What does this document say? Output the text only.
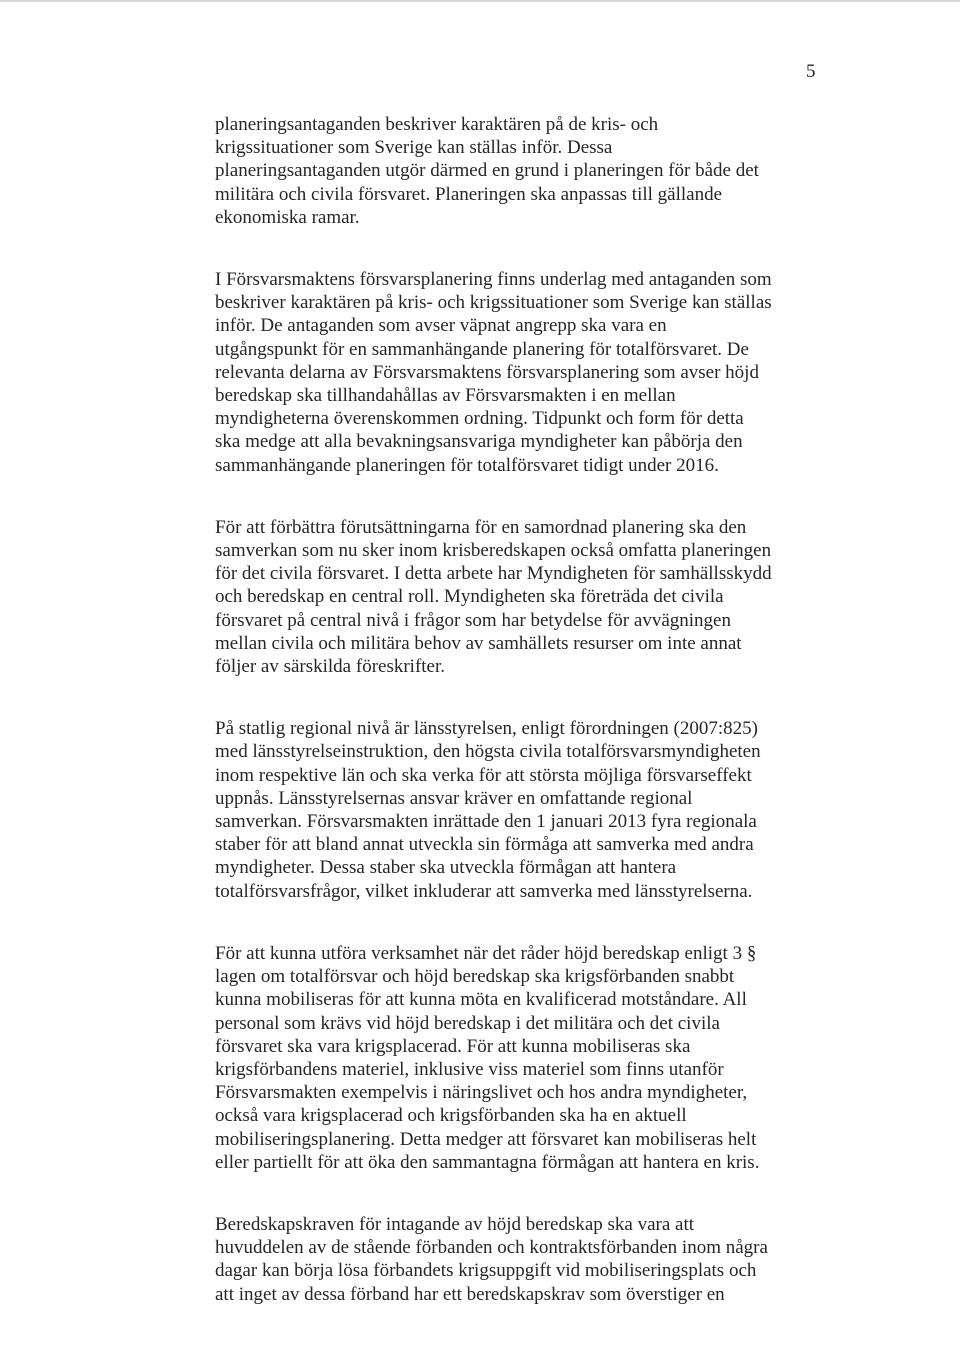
5

planeringsantaganden beskriver karaktären på de kris- och
krigssituationer som Sverige kan ställas inför. Dessa
planeringsantaganden utgör därmed en grund i planeringen för både det
militära och civila försvaret. Planeringen ska anpassas till gällande
ekonomiska ramar.

I Försvarsmaktens försvarsplanering finns underlag med antaganden som
beskriver karaktären på kris- och krigssituationer som Sverige kan ställas
inför. De antaganden som avser väpnat angrepp ska vara en
utgångspunkt för en sammanhängande planering för totalförsvaret. De
relevanta delarna av Försvarsmaktens försvarsplanering som avser höjd
beredskap ska tillhandahållas av Försvarsmakten i en mellan
myndigheterna överenskommen ordning. Tidpunkt och form för detta
ska medge att alla bevakningsansvariga myndigheter kan påbörja den
sammanhängande planeringen för totalförsvaret tidigt under 2016.

För att förbättra förutsättningarna för en samordnad planering ska den
samverkan som nu sker inom krisberedskapen också omfatta planeringen
för det civila försvaret. I detta arbete har Myndigheten för samhällsskydd
och beredskap en central roll. Myndigheten ska företräda det civila
försvaret på central nivå i frågor som har betydelse för avvägningen
mellan civila och militära behov av samhällets resurser om inte annat
följer av särskilda föreskrifter.

På statlig regional nivå är länsstyrelsen, enligt förordningen (2007:825)
med länsstyrelseinstruktion, den högsta civila totalförsvarsmyndigheten
inom respektive län och ska verka för att största möjliga försvarseffekt
uppnås. Länsstyrelsernas ansvar kräver en omfattande regional
samverkan. Försvarsmakten inrättade den 1 januari 2013 fyra regionala
staber för att bland annat utveckla sin förmåga att samverka med andra
myndigheter. Dessa staber ska utveckla förmågan att hantera
totalförsvarsfrågor, vilket inkluderar att samverka med länsstyrelserna.

För att kunna utföra verksamhet när det råder höjd beredskap enligt 3 §
lagen om totalförsvar och höjd beredskap ska krigsförbanden snabbt
kunna mobiliseras för att kunna möta en kvalificerad motståndare. All
personal som krävs vid höjd beredskap i det militära och det civila
försvaret ska vara krigsplacerad. För att kunna mobiliseras ska
krigsförbandens materiel, inklusive viss materiel som finns utanför
Försvarsmakten exempelvis i näringslivet och hos andra myndigheter,
också vara krigsplacerad och krigsförbanden ska ha en aktuell
mobiliseringsplanering. Detta medger att försvaret kan mobiliseras helt
eller partiellt för att öka den sammantagna förmågan att hantera en kris.

Beredskapskraven för intagande av höjd beredskap ska vara att
huvuddelen av de stående förbanden och kontraktsförbanden inom några
dagar kan börja lösa förbandets krigsuppgift vid mobiliseringsplats och
att inget av dessa förband har ett beredskapskrav som överstiger en
